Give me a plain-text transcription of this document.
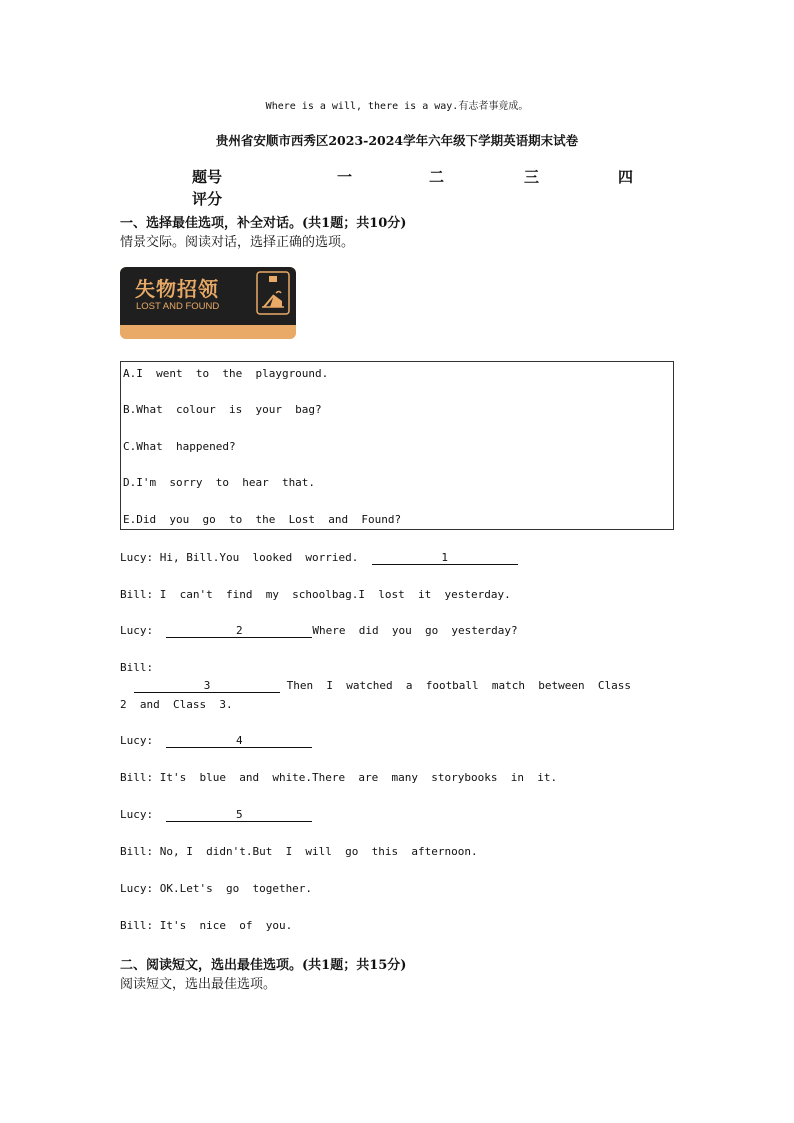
Where is a will, there is a way.有志者事竟成。
贵州省安顺市西秀区2023-2024学年六年级下学期英语期末试卷
题号	一	二	三	四
评分
一、选择最佳选项，补全对话。(共1题；共10分)
情景交际。阅读对话，选择正确的选项。
失物招领
LOST AND FOUND
A.I  went  to  the  playground.
B.What  colour  is  your  bag?
C.What  happened?
D.I'm  sorry  to  hear  that.
E.Did  you  go  to  the  Lost  and  Found?
Lucy: Hi, Bill.You  looked  worried.	1
Bill: I  can't  find  my  schoolbag.I  lost  it  yesterday.
Lucy:	2	Where  did  you  go  yesterday?
Bill:
3	Then  I  watched  a  football  match  between  Class
2  and  Class  3.
Lucy:	4
Bill: It's  blue  and  white.There  are  many  storybooks  in  it.
Lucy:	5
Bill: No, I  didn't.But  I  will  go  this  afternoon.
Lucy: OK.Let's  go  together.
Bill: It's  nice  of  you.
二、阅读短文，选出最佳选项。(共1题；共15分)
阅读短文，选出最佳选项。
